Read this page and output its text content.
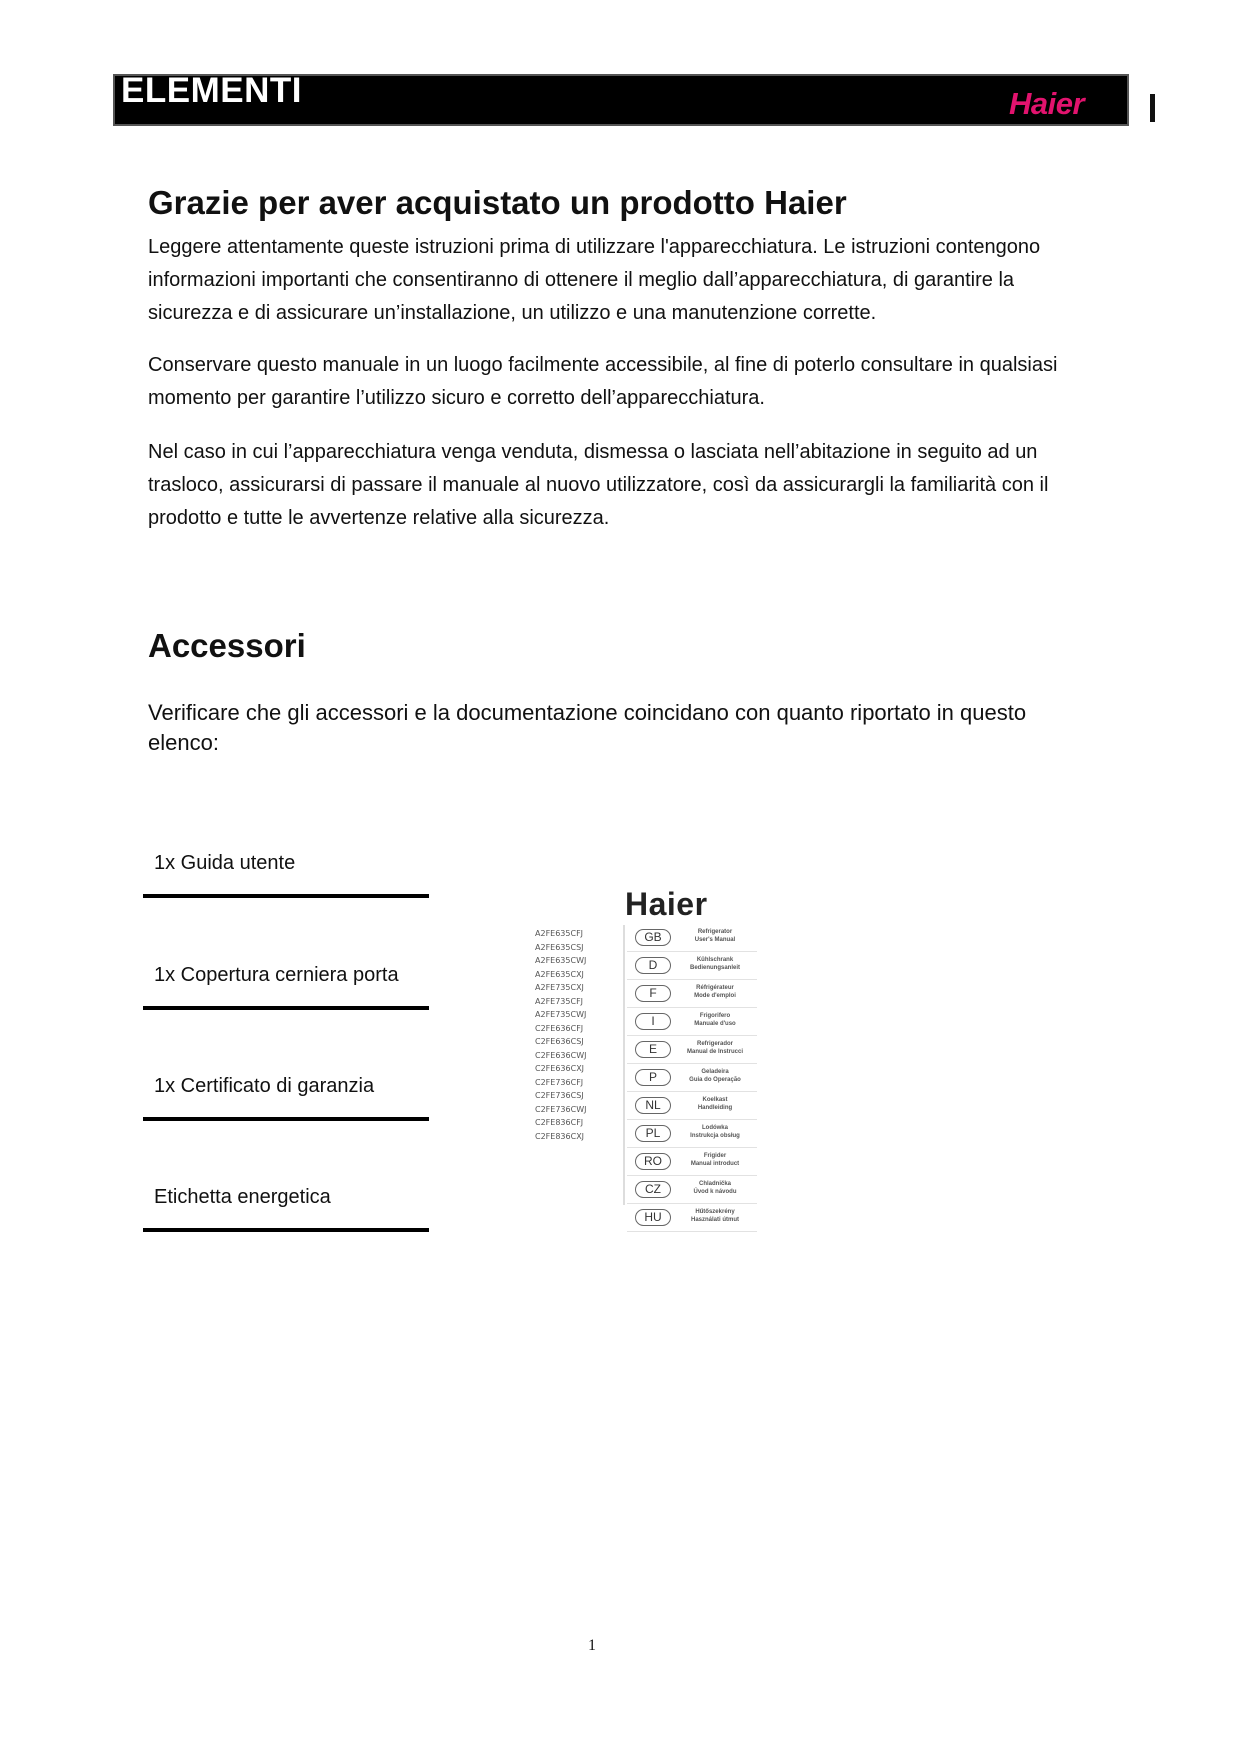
ELEMENTI	Haier
Grazie per aver acquistato un prodotto Haier
Leggere attentamente queste istruzioni prima di utilizzare l'apparecchiatura. Le istruzioni contengono informazioni importanti che consentiranno di ottenere il meglio dall’apparecchiatura, di garantire la sicurezza e di assicurare un’installazione, un utilizzo e una manutenzione corrette.
Conservare questo manuale in un luogo facilmente accessibile, al fine di poterlo consultare in qualsiasi momento per garantire l’utilizzo sicuro e corretto dell’apparecchiatura.
Nel caso in cui l’apparecchiatura venga venduta, dismessa o lasciata nell’abitazione in seguito ad un trasloco, assicurarsi di passare il manuale al nuovo utilizzatore, così da assicurargli la familiarità con il prodotto e tutte le avvertenze relative alla sicurezza.
Accessori
Verificare che gli accessori e la documentazione coincidano con quanto riportato in questo elenco:
1x Guida utente
1x Copertura cerniera porta
1x Certificato di garanzia
Etichetta energetica
Haier
A2FE635CFJ
A2FE635CSJ
A2FE635CWJ
A2FE635CXJ
A2FE735CXJ
A2FE735CFJ
A2FE735CWJ
C2FE636CFJ
C2FE636CSJ
C2FE636CWJ
C2FE636CXJ
C2FE736CFJ
C2FE736CSJ
C2FE736CWJ
C2FE836CFJ
C2FE836CXJ
GB	Refrigerator
User's Manual
D	Kühlschrank
Bedienungsanleit
F	Réfrigérateur
Mode d'emploi
I	Frigorifero
Manuale d'uso
E	Refrigerador
Manual de Instrucci
P	Geladeira
Guia do Operação
NL	Koelkast
Handleiding
PL	Lodówka
Instrukcja obsług
RO	Frigider
Manual introduct
CZ	Chladnička
Úvod k návodu
HU	Hűtőszekrény
Használati útmut
1
